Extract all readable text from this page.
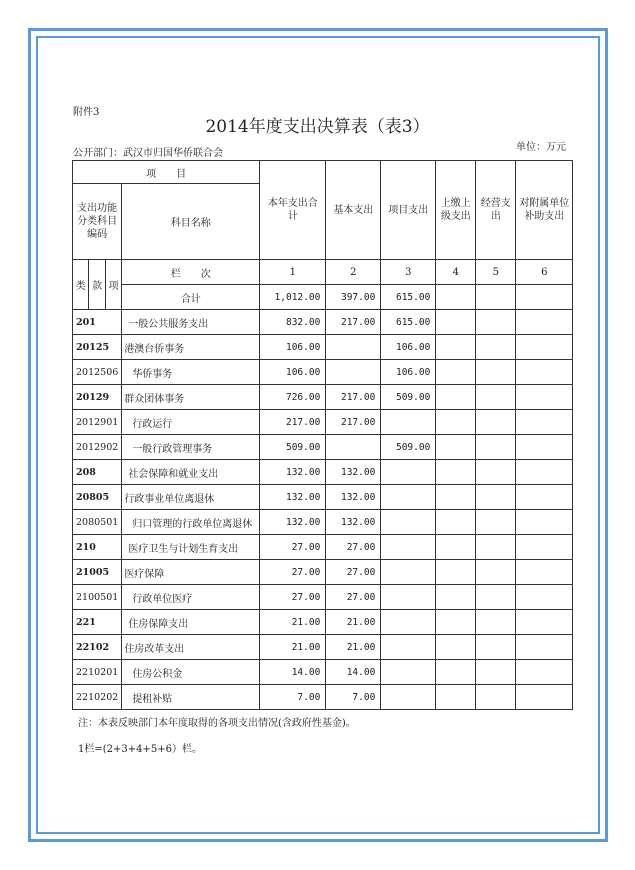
附件3
2014年度支出决算表（表3）
公开部门：武汉市归国华侨联合会
单位：万元
项　　目				本年支出合计	基本支出	项目支出	上缴上级支出	经营支出	对附属单位补助支出
支出功能分类科目编码			科目名称						
类	款	项	栏　　次	1	2	3	4	5	6
			合计	1,012.00	397.00	615.00			
201			一般公共服务支出	832.00	217.00	615.00			
20125			港澳台侨事务	106.00		106.00			
2012506			华侨事务	106.00		106.00			
20129			群众团体事务	726.00	217.00	509.00			
2012901			行政运行	217.00	217.00				
2012902			一般行政管理事务	509.00		509.00			
208			社会保障和就业支出	132.00	132.00				
20805			行政事业单位离退休	132.00	132.00				
2080501			归口管理的行政单位离退休	132.00	132.00				
210			医疗卫生与计划生育支出	27.00	27.00				
21005			医疗保障	27.00	27.00				
2100501			行政单位医疗	27.00	27.00				
221			住房保障支出	21.00	21.00				
22102			住房改革支出	21.00	21.00				
2210201			住房公积金	14.00	14.00				
2210202			提租补贴	7.00	7.00				
注：本表反映部门本年度取得的各项支出情况(含政府性基金)。
1栏=(2+3+4+5+6）栏。
